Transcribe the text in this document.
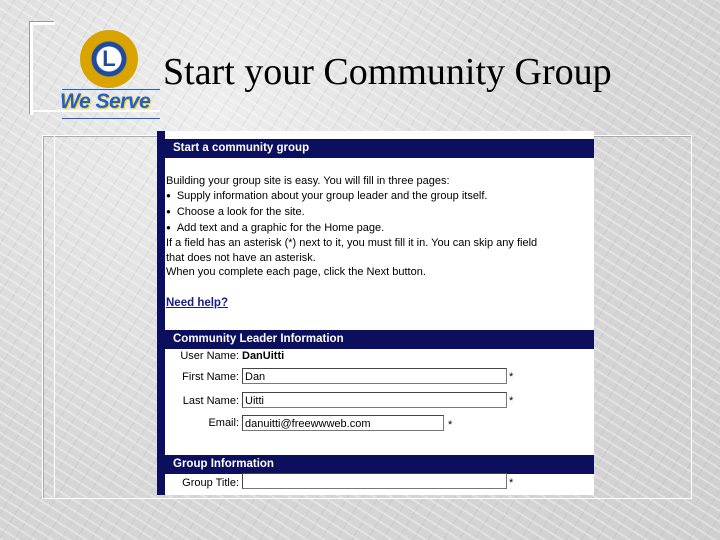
L
We Serve
Start your Community Group
Start a community group
Building your group site is easy. You will fill in three pages:
● Supply information about your group leader and the group itself.
● Choose a look for the site.
● Add text and a graphic for the Home page.
If a field has an asterisk (*) next to it, you must fill it in. You can skip any field
that does not have an asterisk.
When you complete each page, click the Next button.
Need help?
Community Leader Information
User Name: DanUitti
First Name: Dan	*
Last Name: Uitti	*
Email: danuitti@freewwweb.com	*
Group Information
Group Title:	*
